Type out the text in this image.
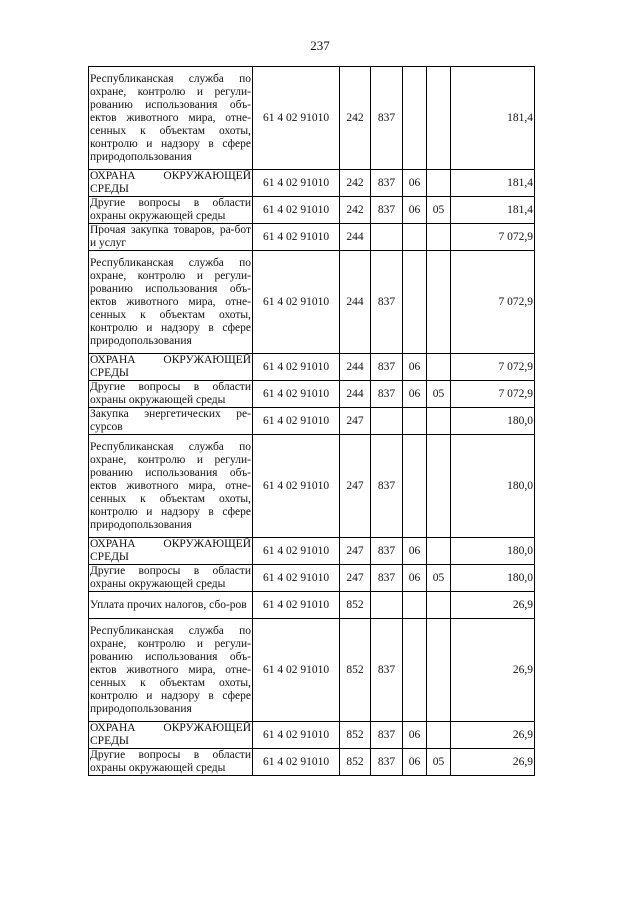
237
Республиканская служба по охране, контролю и регули-рованию использования объ-ектов животного мира, отне-сенных к объектам охоты, контролю и надзору в сфере природопользования	61 4 02 91010	242	837			181,4
ОХРАНА ОКРУЖАЮЩЕЙ СРЕДЫ	61 4 02 91010	242	837	06		181,4
Другие вопросы в области охраны окружающей среды	61 4 02 91010	242	837	06	05	181,4
Прочая закупка товаров, ра-бот и услуг	61 4 02 91010	244				7 072,9
Республиканская служба по охране, контролю и регули-рованию использования объ-ектов животного мира, отне-сенных к объектам охоты, контролю и надзору в сфере природопользования	61 4 02 91010	244	837			7 072,9
ОХРАНА ОКРУЖАЮЩЕЙ СРЕДЫ	61 4 02 91010	244	837	06		7 072,9
Другие вопросы в области охраны окружающей среды	61 4 02 91010	244	837	06	05	7 072,9
Закупка энергетических ре-сурсов	61 4 02 91010	247				180,0
Республиканская служба по охране, контролю и регули-рованию использования объ-ектов животного мира, отне-сенных к объектам охоты, контролю и надзору в сфере природопользования	61 4 02 91010	247	837			180,0
ОХРАНА ОКРУЖАЮЩЕЙ СРЕДЫ	61 4 02 91010	247	837	06		180,0
Другие вопросы в области охраны окружающей среды	61 4 02 91010	247	837	06	05	180,0
Уплата прочих налогов, сбо-ров	61 4 02 91010	852				26,9
Республиканская служба по охране, контролю и регули-рованию использования объ-ектов животного мира, отне-сенных к объектам охоты, контролю и надзору в сфере природопользования	61 4 02 91010	852	837			26,9
ОХРАНА ОКРУЖАЮЩЕЙ СРЕДЫ	61 4 02 91010	852	837	06		26,9
Другие вопросы в области охраны окружающей среды	61 4 02 91010	852	837	06	05	26,9
